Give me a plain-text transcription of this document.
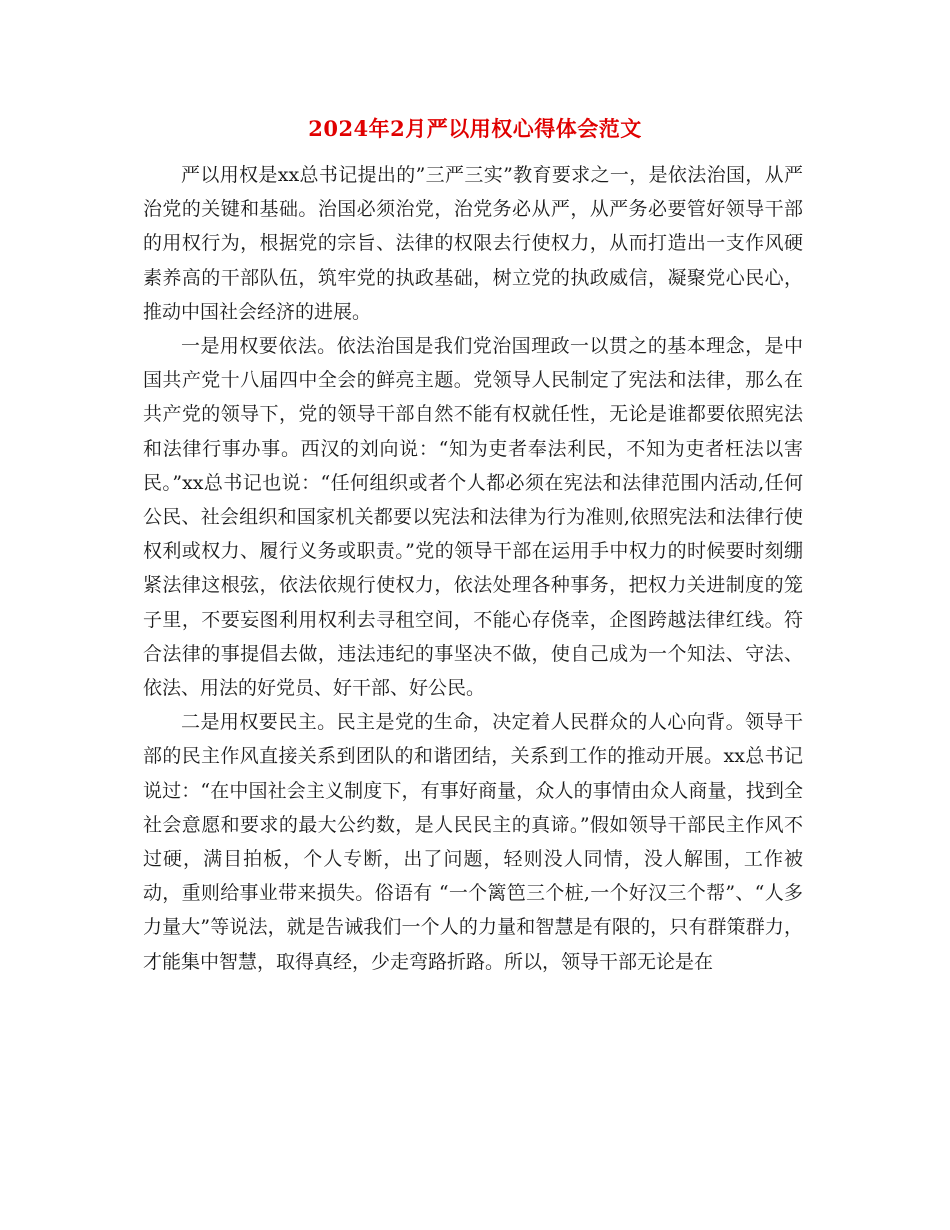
2024年2月严以用权心得体会范文

严以用权是xx总书记提出的”三严三实”教育要求之一，是依法治国，从严治党的关键和基础。治国必须治党，治党务必从严，从严务必要管好领导干部的用权行为，根据党的宗旨、法律的权限去行使权力，从而打造出一支作风硬素养高的干部队伍，筑牢党的执政基础，树立党的执政威信，凝聚党心民心，推动中国社会经济的进展。

一是用权要依法。依法治国是我们党治国理政一以贯之的基本理念，是中国共产党十八届四中全会的鲜亮主题。党领导人民制定了宪法和法律，那么在共产党的领导下，党的领导干部自然不能有权就任性，无论是谁都要依照宪法和法律行事办事。西汉的刘向说：“知为吏者奉法利民，不知为吏者枉法以害民。”xx总书记也说：“任何组织或者个人都必须在宪法和法律范围内活动,任何公民、社会组织和国家机关都要以宪法和法律为行为准则,依照宪法和法律行使权利或权力、履行义务或职责。”党的领导干部在运用手中权力的时候要时刻绷紧法律这根弦，依法依规行使权力，依法处理各种事务，把权力关进制度的笼子里，不要妄图利用权利去寻租空间，不能心存侥幸，企图跨越法律红线。符合法律的事提倡去做，违法违纪的事坚决不做，使自己成为一个知法、守法、依法、用法的好党员、好干部、好公民。

二是用权要民主。民主是党的生命，决定着人民群众的人心向背。领导干部的民主作风直接关系到团队的和谐团结，关系到工作的推动开展。xx总书记说过：“在中国社会主义制度下，有事好商量，众人的事情由众人商量，找到全社会意愿和要求的最大公约数，是人民民主的真谛。”假如领导干部民主作风不过硬，满目拍板，个人专断，出了问题，轻则没人同情，没人解围，工作被动，重则给事业带来损失。俗语有 “一个篱笆三个桩,一个好汉三个帮”、“人多力量大”等说法，就是告诫我们一个人的力量和智慧是有限的，只有群策群力，才能集中智慧，取得真经，少走弯路折路。所以，领导干部无论是在
